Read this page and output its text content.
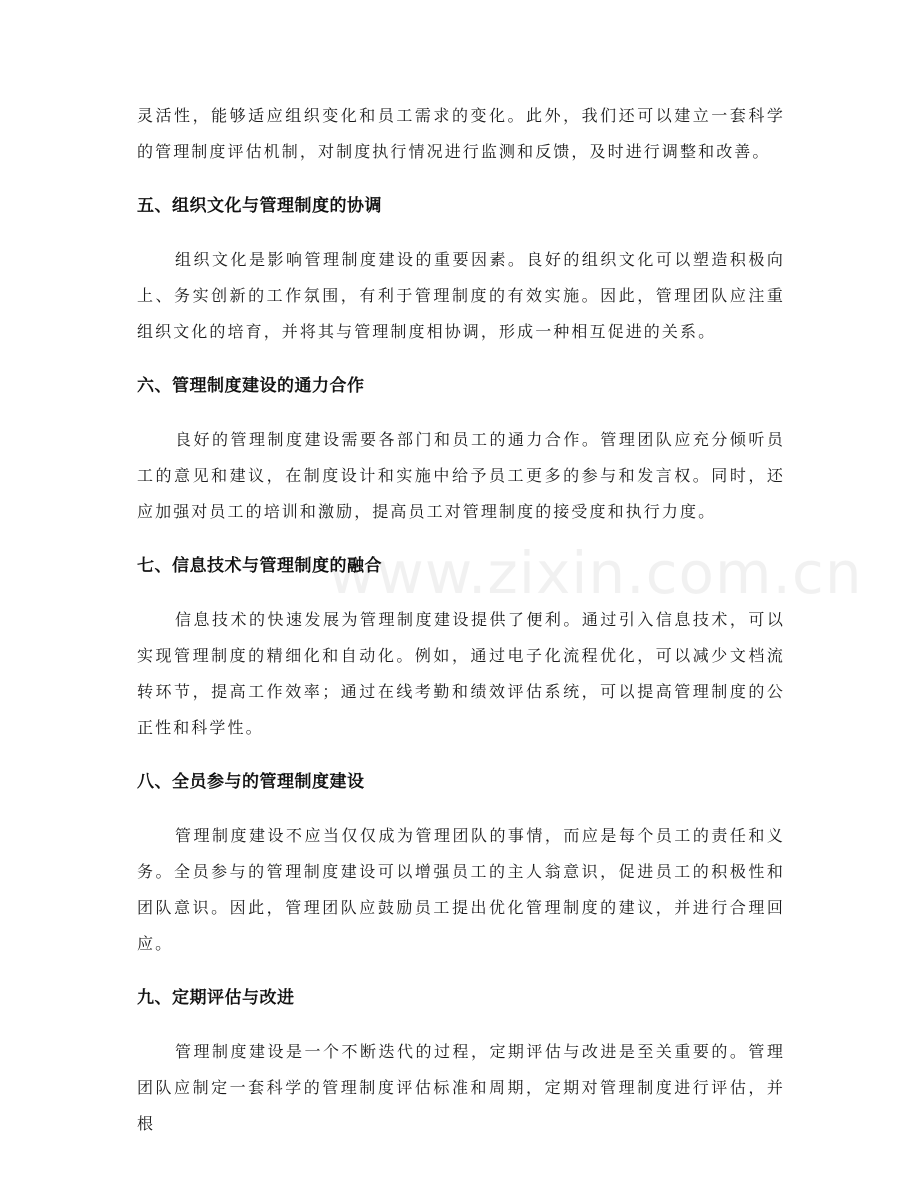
灵活性，能够适应组织变化和员工需求的变化。此外，我们还可以建立一套科学的管理制度评估机制，对制度执行情况进行监测和反馈，及时进行调整和改善。

五、组织文化与管理制度的协调

组织文化是影响管理制度建设的重要因素。良好的组织文化可以塑造积极向上、务实创新的工作氛围，有利于管理制度的有效实施。因此，管理团队应注重组织文化的培育，并将其与管理制度相协调，形成一种相互促进的关系。

六、管理制度建设的通力合作

良好的管理制度建设需要各部门和员工的通力合作。管理团队应充分倾听员工的意见和建议，在制度设计和实施中给予员工更多的参与和发言权。同时，还应加强对员工的培训和激励，提高员工对管理制度的接受度和执行力度。

七、信息技术与管理制度的融合

信息技术的快速发展为管理制度建设提供了便利。通过引入信息技术，可以实现管理制度的精细化和自动化。例如，通过电子化流程优化，可以减少文档流转环节，提高工作效率；通过在线考勤和绩效评估系统，可以提高管理制度的公正性和科学性。

八、全员参与的管理制度建设

管理制度建设不应当仅仅成为管理团队的事情，而应是每个员工的责任和义务。全员参与的管理制度建设可以增强员工的主人翁意识，促进员工的积极性和团队意识。因此，管理团队应鼓励员工提出优化管理制度的建议，并进行合理回应。

九、定期评估与改进

管理制度建设是一个不断迭代的过程，定期评估与改进是至关重要的。管理团队应制定一套科学的管理制度评估标准和周期，定期对管理制度进行评估，并根

www.zixin.com.cn
